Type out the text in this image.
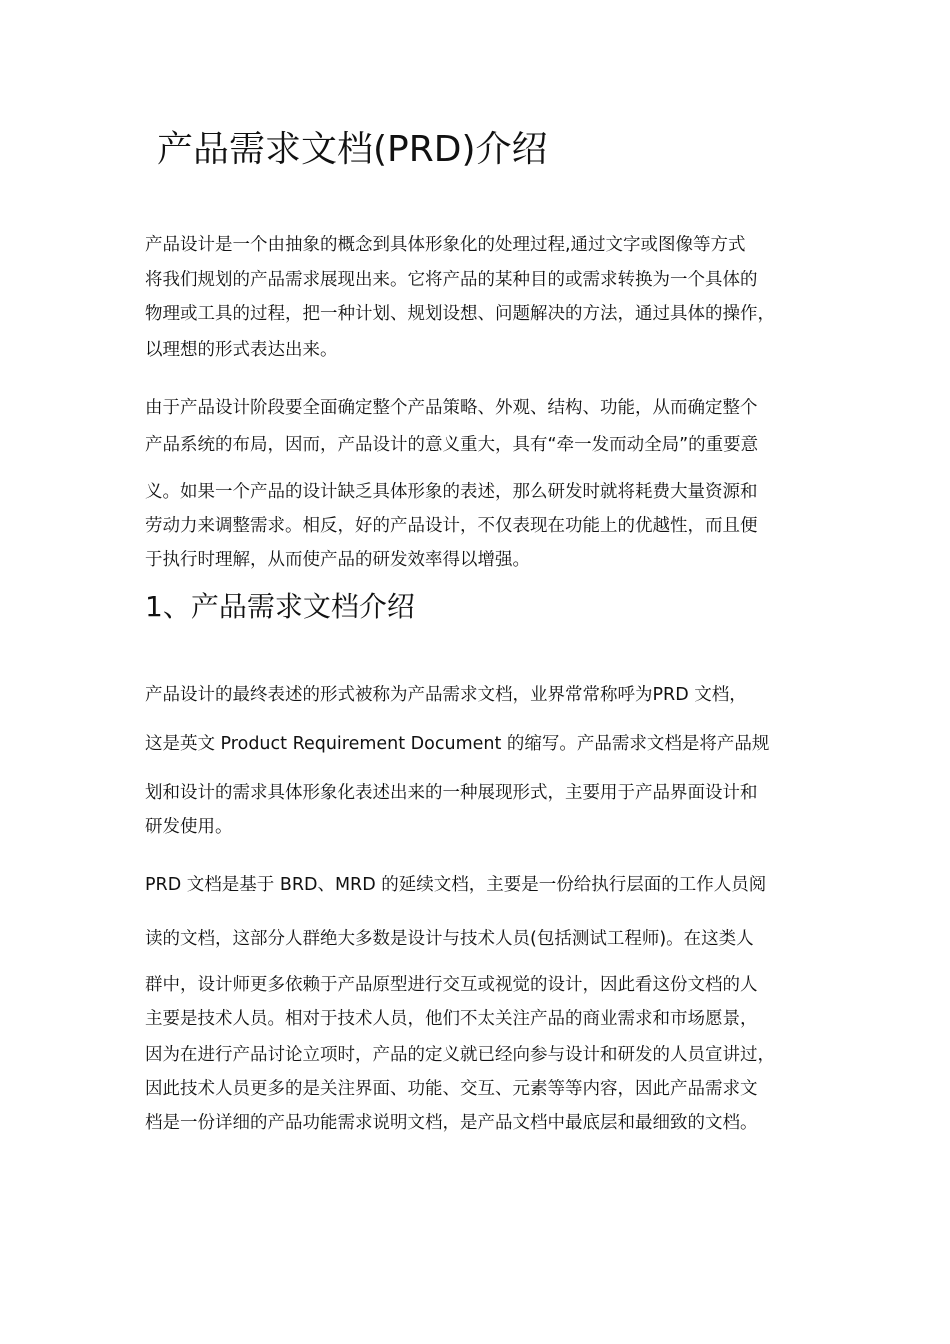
产品需求文档(PRD)介绍

产品设计是一个由抽象的概念到具体形象化的处理过程,通过文字或图像等方式

将我们规划的产品需求展现出来。它将产品的某种目的或需求转换为一个具体的

物理或工具的过程，把一种计划、规划设想、问题解决的方法，通过具体的操作，

以理想的形式表达出来。

由于产品设计阶段要全面确定整个产品策略、外观、结构、功能，从而确定整个

产品系统的布局，因而，产品设计的意义重大，具有“牵一发而动全局”的重要意

义。如果一个产品的设计缺乏具体形象的表述，那么研发时就将耗费大量资源和

劳动力来调整需求。相反，好的产品设计，不仅表现在功能上的优越性，而且便

于执行时理解，从而使产品的研发效率得以增强。

1、产品需求文档介绍

产品设计的最终表述的形式被称为产品需求文档，业界常常称呼为PRD 文档，

这是英文 Product Requirement Document 的缩写。产品需求文档是将产品规

划和设计的需求具体形象化表述出来的一种展现形式，主要用于产品界面设计和

研发使用。

PRD 文档是基于 BRD、MRD 的延续文档，主要是一份给执行层面的工作人员阅

读的文档，这部分人群绝大多数是设计与技术人员(包括测试工程师)。在这类人

群中，设计师更多依赖于产品原型进行交互或视觉的设计，因此看这份文档的人

主要是技术人员。相对于技术人员，他们不太关注产品的商业需求和市场愿景，

因为在进行产品讨论立项时，产品的定义就已经向参与设计和研发的人员宣讲过，

因此技术人员更多的是关注界面、功能、交互、元素等等内容，因此产品需求文

档是一份详细的产品功能需求说明文档，是产品文档中最底层和最细致的文档。
